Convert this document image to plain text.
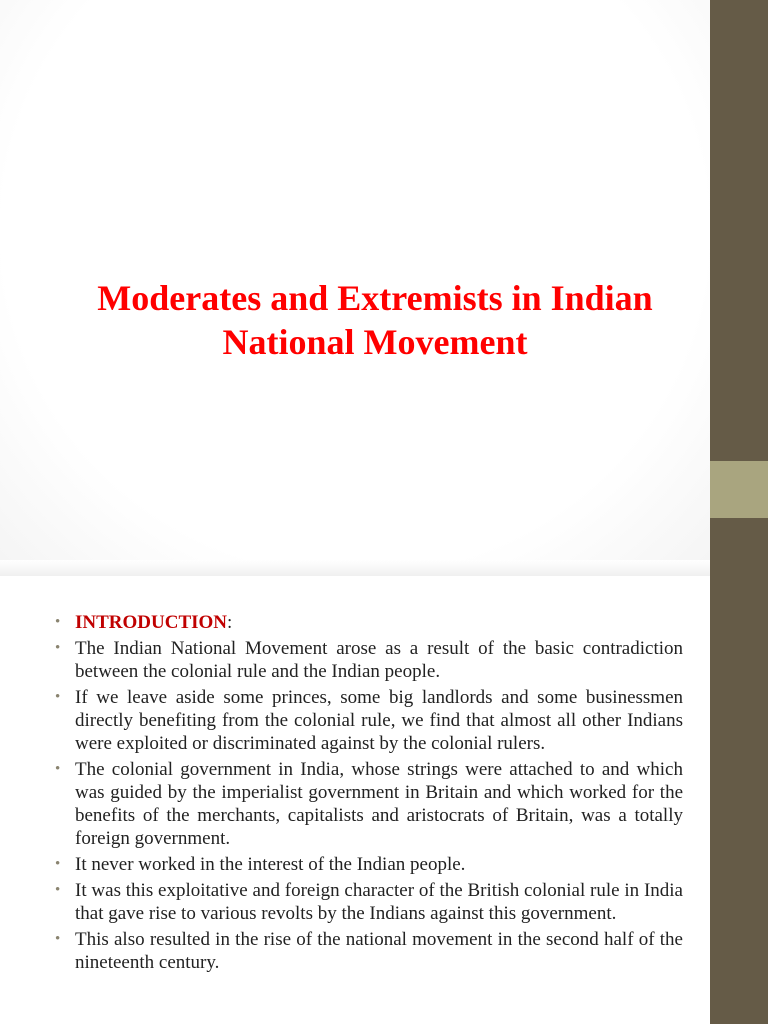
Moderates and Extremists in Indian National Movement
• INTRODUCTION:
• The Indian National Movement arose as a result of the basic contradiction between the colonial rule and the Indian people.
• If we leave aside some princes, some big landlords and some businessmen directly benefiting from the colonial rule, we find that almost all other Indians were exploited or discriminated against by the colonial rulers.
• The colonial government in India, whose strings were attached to and which was guided by the imperialist government in Britain and which worked for the benefits of the merchants, capitalists and aristocrats of Britain, was a totally foreign government.
• It never worked in the interest of the Indian people.
• It was this exploitative and foreign character of the British colonial rule in India that gave rise to various revolts by the Indians against this government.
• This also resulted in the rise of the national movement in the second half of the nineteenth century.
